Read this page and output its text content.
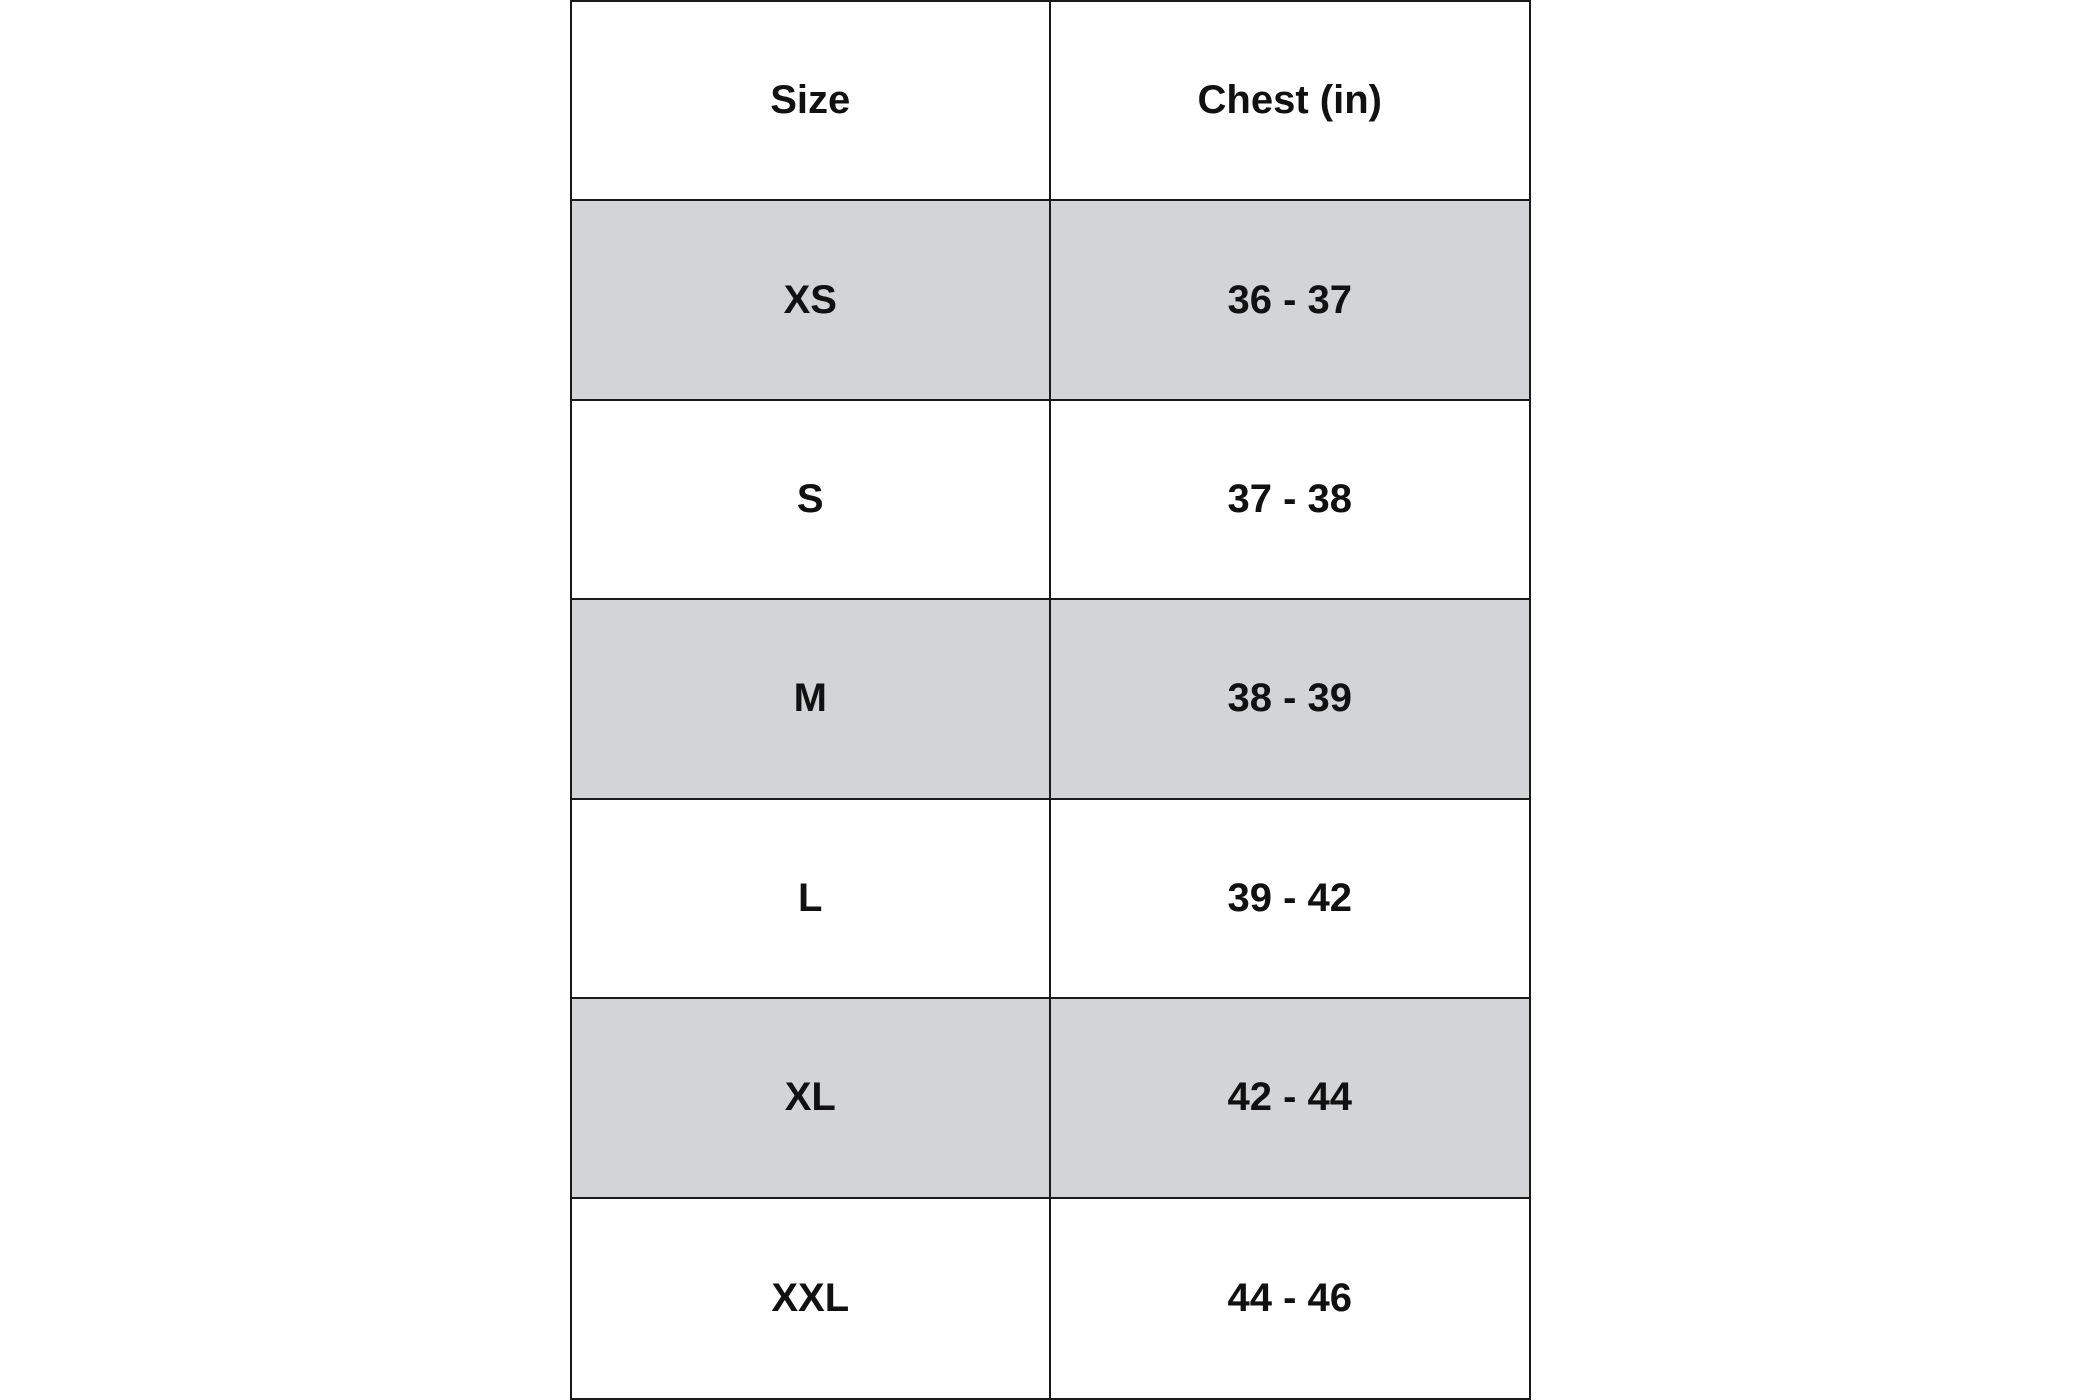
Size	Chest (in)
XS	36 - 37
S	37 - 38
M	38 - 39
L	39 - 42
XL	42 - 44
XXL	44 - 46
